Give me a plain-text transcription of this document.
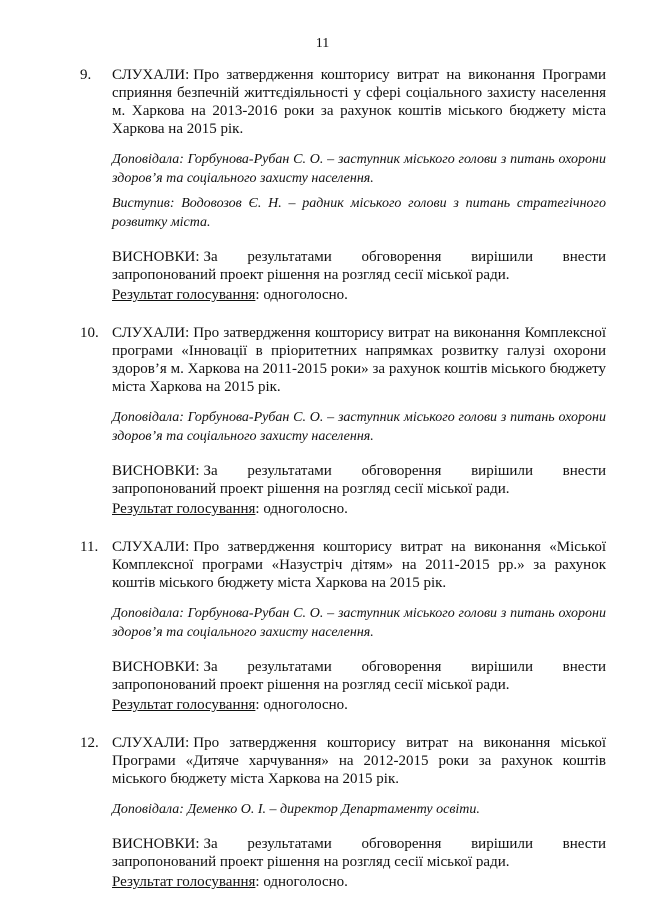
11
9.	СЛУХАЛИ: Про затвердження кошторису витрат на виконання Програми сприяння безпечній життєдіяльності у сфері соціального захисту населення м. Харкова на 2013-2016 роки за рахунок коштів міського бюджету міста Харкова на 2015 рік.
Доповідала: Горбунова-Рубан С. О. – заступник міського голови з питань охорони здоров’я та соціального захисту населення.
Виступив: Водовозов Є. Н. – радник міського голови з питань стратегічного розвитку міста.
ВИСНОВКИ: За результатами обговорення вирішили внести запропонований проект рішення на розгляд сесії міської ради.
Результат голосування: одноголосно.
10. СЛУХАЛИ: Про затвердження кошторису витрат на виконання Комплексної програми «Інновації в пріоритетних напрямках розвитку галузі охорони здоров’я м. Харкова на 2011-2015 роки» за рахунок коштів міського бюджету міста Харкова на 2015 рік.
Доповідала: Горбунова-Рубан С. О. – заступник міського голови з питань охорони здоров’я та соціального захисту населення.
ВИСНОВКИ: За результатами обговорення вирішили внести запропонований проект рішення на розгляд сесії міської ради.
Результат голосування: одноголосно.
11. СЛУХАЛИ: Про затвердження кошторису витрат на виконання «Міської Комплексної програми «Назустріч дітям» на 2011-2015 рр.» за рахунок коштів міського бюджету міста Харкова на 2015 рік.
Доповідала: Горбунова-Рубан С. О. – заступник міського голови з питань охорони здоров’я та соціального захисту населення.
ВИСНОВКИ: За результатами обговорення вирішили внести запропонований проект рішення на розгляд сесії міської ради.
Результат голосування: одноголосно.
12. СЛУХАЛИ: Про затвердження кошторису витрат на виконання міської Програми «Дитяче харчування» на 2012-2015 роки за рахунок коштів міського бюджету міста Харкова на 2015 рік.
Доповідала: Деменко О. І. – директор Департаменту освіти.
ВИСНОВКИ: За результатами обговорення вирішили внести запропонований проект рішення на розгляд сесії міської ради.
Результат голосування: одноголосно.
